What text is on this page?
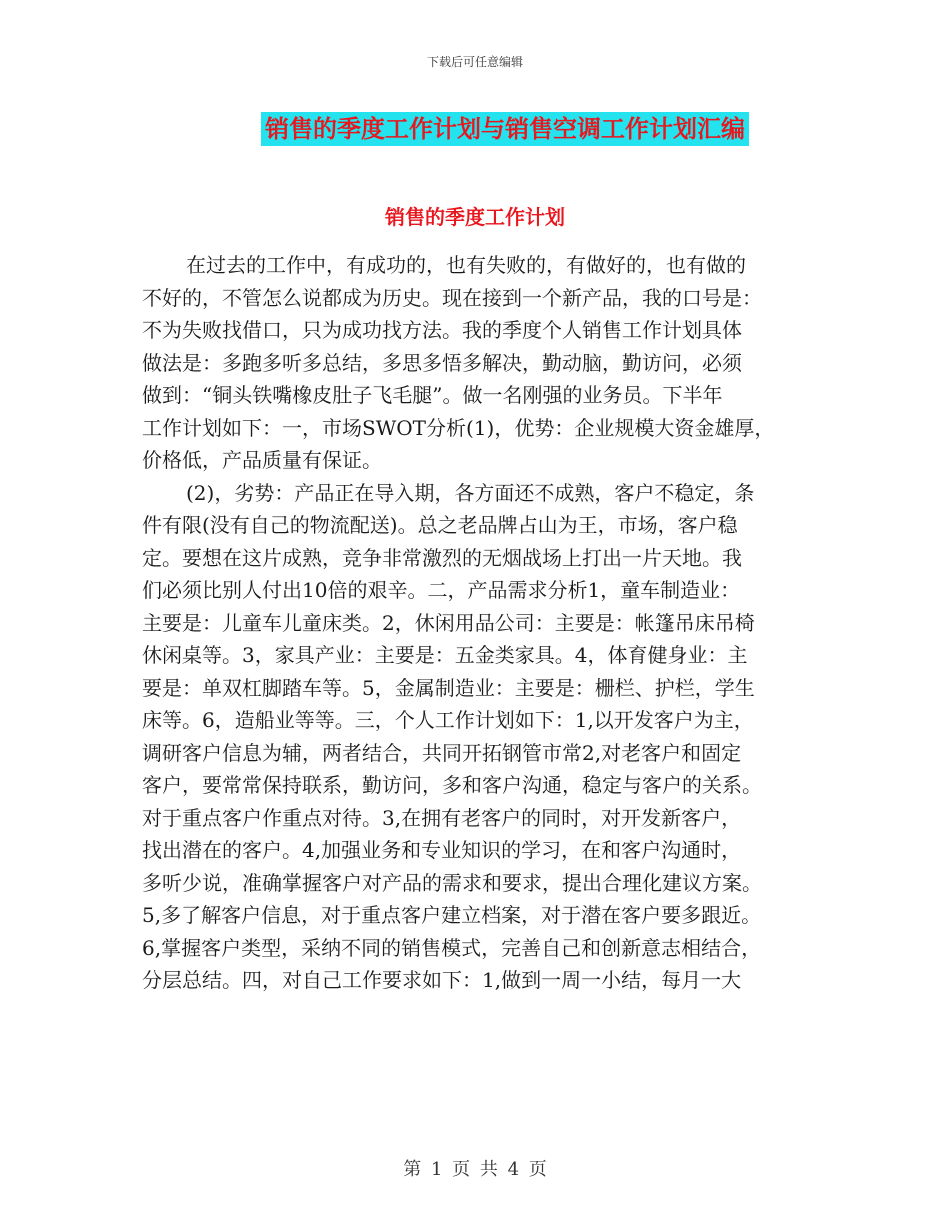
下载后可任意编辑
销售的季度工作计划与销售空调工作计划汇编
销售的季度工作计划
在过去的工作中，有成功的，也有失败的，有做好的，也有做的
不好的，不管怎么说都成为历史。现在接到一个新产品，我的口号是：
不为失败找借口，只为成功找方法。我的季度个人销售工作计划具体
做法是：多跑多听多总结，多思多悟多解决，勤动脑，勤访问，必须
做到：“铜头铁嘴橡皮肚子飞毛腿”。做一名刚强的业务员。下半年
工作计划如下：一，市场SWOT分析(1)，优势：企业规模大资金雄厚，
价格低，产品质量有保证。
(2)，劣势：产品正在导入期，各方面还不成熟，客户不稳定，条
件有限(没有自己的物流配送)。总之老品牌占山为王，市场，客户稳
定。要想在这片成熟，竞争非常激烈的无烟战场上打出一片天地。我
们必须比别人付出10倍的艰辛。二，产品需求分析1，童车制造业：
主要是：儿童车儿童床类。2，休闲用品公司：主要是：帐篷吊床吊椅
休闲桌等。3，家具产业：主要是：五金类家具。4，体育健身业：主
要是：单双杠脚踏车等。5，金属制造业：主要是：栅栏、护栏，学生
床等。6，造船业等等。三，个人工作计划如下：1,以开发客户为主，
调研客户信息为辅，两者结合，共同开拓钢管市常2,对老客户和固定
客户，要常常保持联系，勤访问，多和客户沟通，稳定与客户的关系。
对于重点客户作重点对待。3,在拥有老客户的同时，对开发新客户，
找出潜在的客户。4,加强业务和专业知识的学习，在和客户沟通时，
多听少说，准确掌握客户对产品的需求和要求，提出合理化建议方案。
5,多了解客户信息，对于重点客户建立档案，对于潜在客户要多跟近。
6,掌握客户类型，采纳不同的销售模式，完善自己和创新意志相结合，
分层总结。四，对自己工作要求如下：1,做到一周一小结，每月一大
第 1 页 共 4 页
